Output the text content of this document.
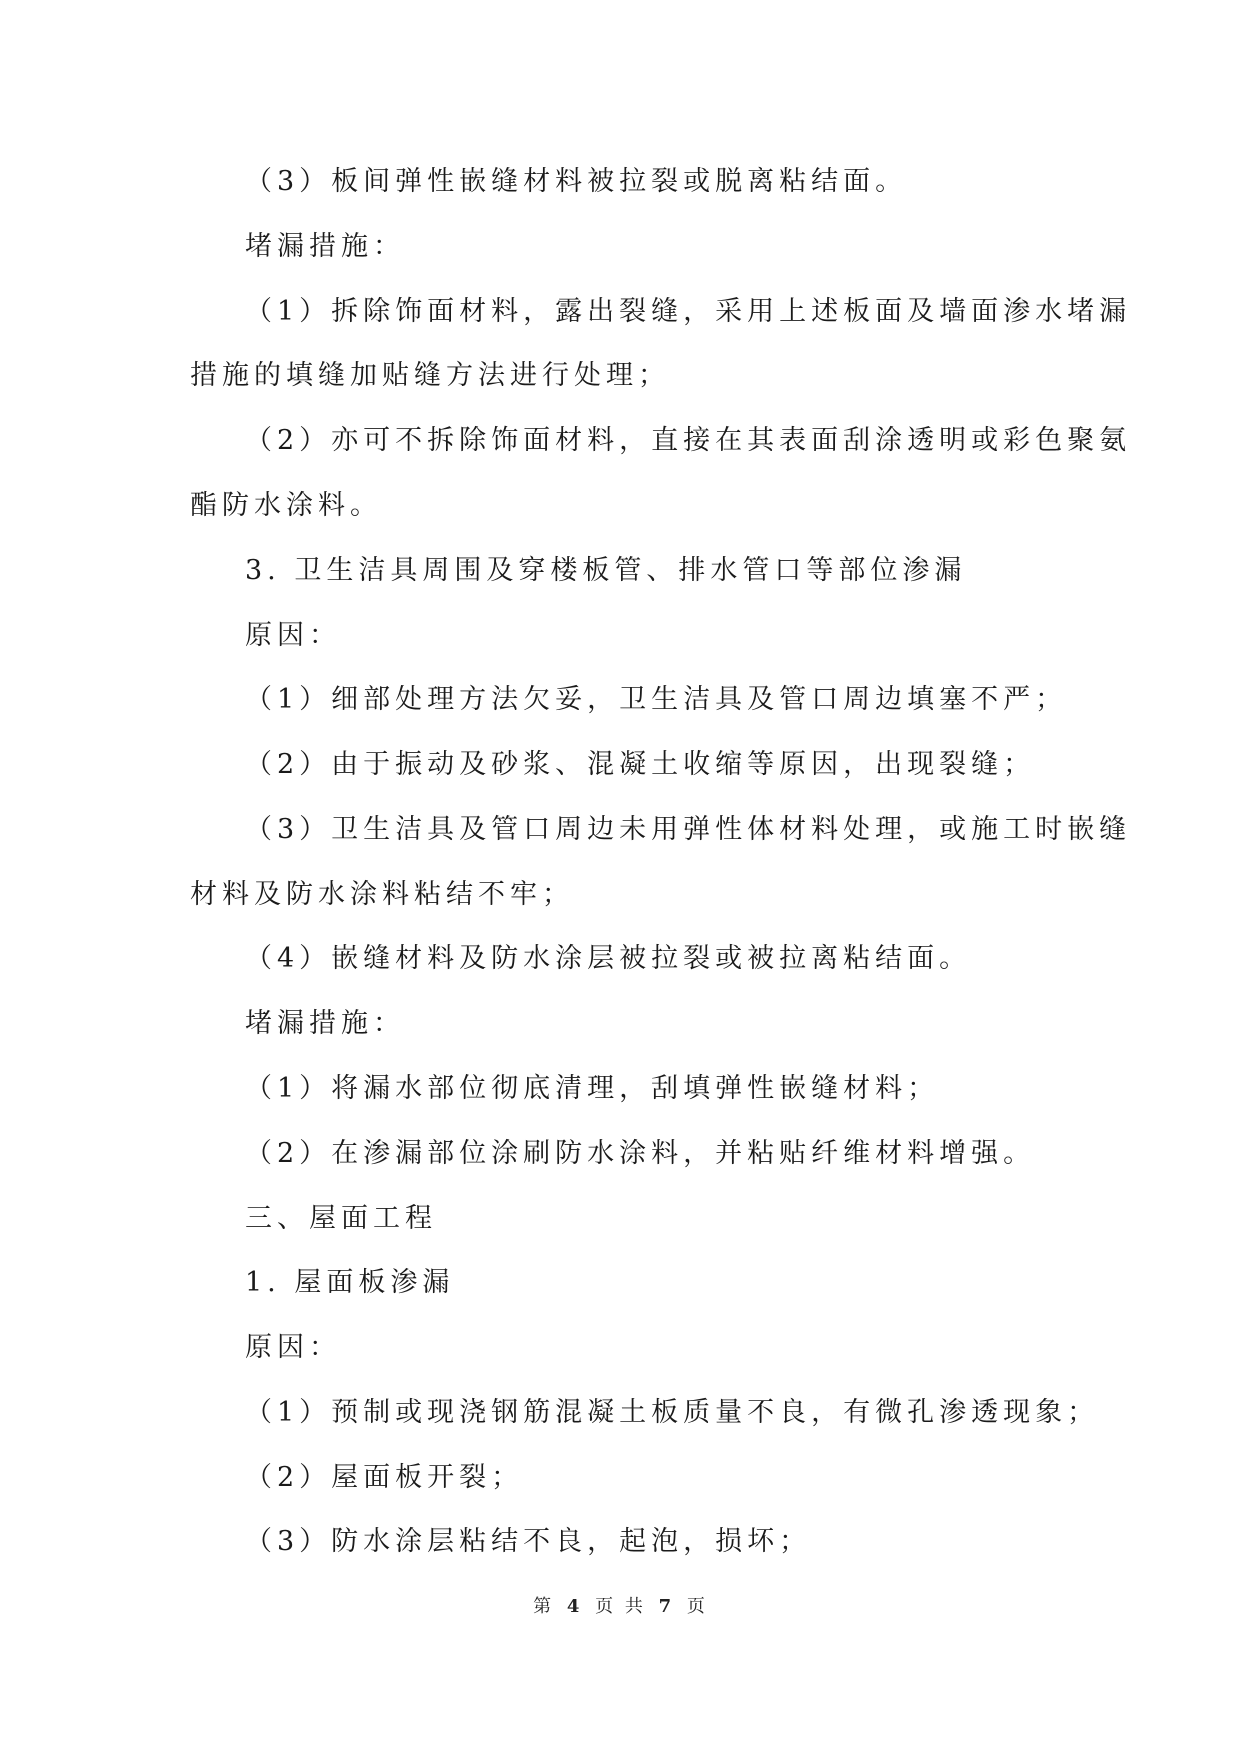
（3）板间弹性嵌缝材料被拉裂或脱离粘结面。
堵漏措施：
（1）拆除饰面材料，露出裂缝，采用上述板面及墙面渗水堵漏
措施的填缝加贴缝方法进行处理；
（2）亦可不拆除饰面材料，直接在其表面刮涂透明或彩色聚氨
酯防水涂料。
3. 卫生洁具周围及穿楼板管、排水管口等部位渗漏
原因：
（1）细部处理方法欠妥，卫生洁具及管口周边填塞不严；
（2）由于振动及砂浆、混凝土收缩等原因，出现裂缝；
（3）卫生洁具及管口周边未用弹性体材料处理，或施工时嵌缝
材料及防水涂料粘结不牢；
（4）嵌缝材料及防水涂层被拉裂或被拉离粘结面。
堵漏措施：
（1）将漏水部位彻底清理，刮填弹性嵌缝材料；
（2）在渗漏部位涂刷防水涂料，并粘贴纤维材料增强。
三、屋面工程
1. 屋面板渗漏
原因：
（1）预制或现浇钢筋混凝土板质量不良，有微孔渗透现象；
（2）屋面板开裂；
（3）防水涂层粘结不良，起泡，损坏；
第 4 页 共 7 页
